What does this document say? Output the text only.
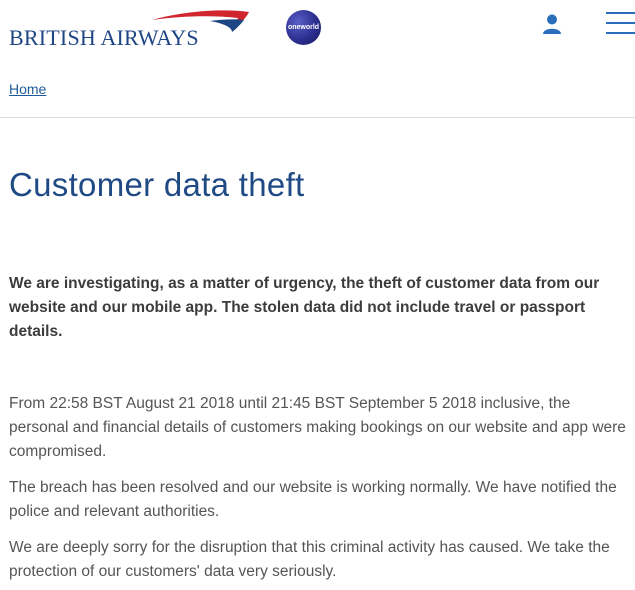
BRITISH AIRWAYS	oneworld
Home
Customer data theft

We are investigating, as a matter of urgency, the theft of customer data from our website and our mobile app. The stolen data did not include travel or passport details.

From 22:58 BST August 21 2018 until 21:45 BST September 5 2018 inclusive, the personal and financial details of customers making bookings on our website and app were compromised.

The breach has been resolved and our website is working normally. We have notified the police and relevant authorities.

We are deeply sorry for the disruption that this criminal activity has caused. We take the protection of our customers' data very seriously.
